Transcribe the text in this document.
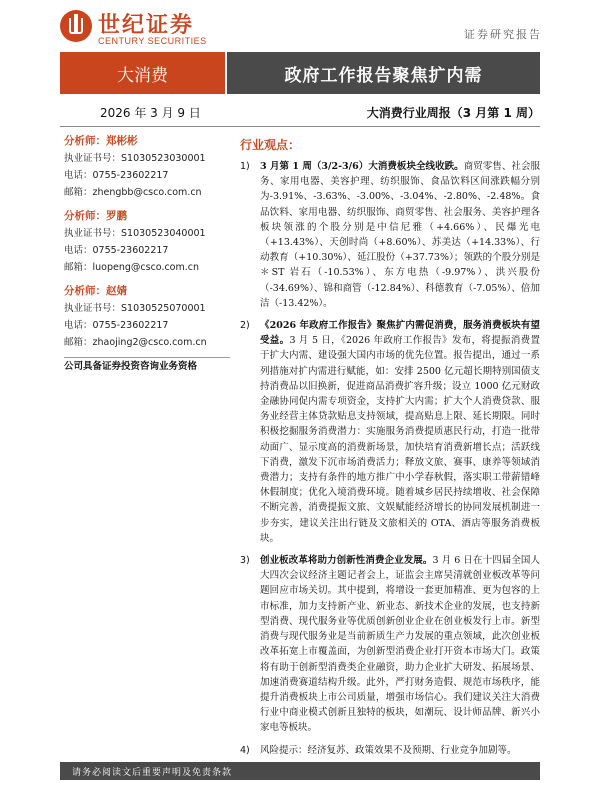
世纪证券
CENTURY SECURITIES	证券研究报告
大消费	政府工作报告聚焦扩内需
2026 年 3 月 9 日	大消费行业周报（3 月第 1 周）
分析师：郑彬彬
执业证书号：S1030523030001
电话：0755-23602217
邮箱：zhengbb@csco.com.cn
分析师：罗鹏
执业证书号：S1030523040001
电话：0755-23602217
邮箱：luopeng@csco.com.cn
分析师：赵婧
执业证书号：S1030525070001
电话：0755-23602217
邮箱：zhaojing2@csco.com.cn
公司具备证券投资咨询业务资格
行业观点：
1)	3 月第 1 周（3/2-3/6）大消费板块全线收跌。商贸零售、社会服务、家用电器、美容护理、纺织服饰、食品饮料区间涨跌幅分别为-3.91%、-3.63%、-3.00%、-3.04%、-2.80%、-2.48%。食品饮料、家用电器、纺织服饰、商贸零售、社会服务、美容护理各板块领涨的个股分别是中信尼雅（+4.66%）、民爆光电（+13.43%）、天创时尚（+8.60%）、苏美达（+14.33%）、行动教育（+10.30%）、延江股份（+37.73%）；领跌的个股分别是＊ST 岩石（-10.53%）、东方电热（-9.97%）、洪兴股份（-34.69%）、锦和商管（-12.84%）、科德教育（-7.05%）、倍加洁（-13.42%）。
2)	《2026 年政府工作报告》聚焦扩内需促消费，服务消费板块有望受益。3 月 5 日，《2026 年政府工作报告》发布，将提振消费置于扩大内需、建设强大国内市场的优先位置。报告提出，通过一系列措施对扩内需进行赋能，如：安排 2500 亿元超长期特别国债支持消费品以旧换新，促进商品消费扩容升级；设立 1000 亿元财政金融协同促内需专项资金，支持扩大内需；扩大个人消费贷款、服务业经营主体贷款贴息支持领域，提高贴息上限、延长期限。同时积极挖掘服务消费潜力：实施服务消费提质惠民行动，打造一批带动面广、显示度高的消费新场景，加快培育消费新增长点；活跃线下消费，激发下沉市场消费活力；释放文旅、赛事、康养等领域消费潜力；支持有条件的地方推广中小学春秋假，落实职工带薪错峰休假制度；优化入境消费环境。随着城乡居民持续增收、社会保障不断完善，消费提振文旅、文娱赋能经济增长的协同发展机制进一步夯实，建议关注出行链及文旅相关的 OTA、酒店等服务消费板块。
3)	创业板改革将助力创新性消费企业发展。3 月 6 日在十四届全国人大四次会议经济主题记者会上，证监会主席吴清就创业板改革等问题回应市场关切。其中提到，将增设一套更加精准、更为包容的上市标准，加力支持新产业、新业态、新技术企业的发展，也支持新型消费、现代服务业等优质创新创业企业在创业板发行上市。新型消费与现代服务业是当前新质生产力发展的重点领域，此次创业板改革拓宽上市覆盖面，为创新型消费企业打开资本市场大门。政策将有助于创新型消费类企业融资，助力企业扩大研发、拓展场景、加速消费赛道结构升级。此外，严打财务造假、规范市场秩序，能提升消费板块上市公司质量，增强市场信心。我们建议关注大消费行业中商业模式创新且独特的板块，如潮玩、设计师品牌、新兴小家电等板块。
4)	风险提示：经济复苏、政策效果不及预期、行业竞争加剧等。
请务必阅读文后重要声明及免责条款
